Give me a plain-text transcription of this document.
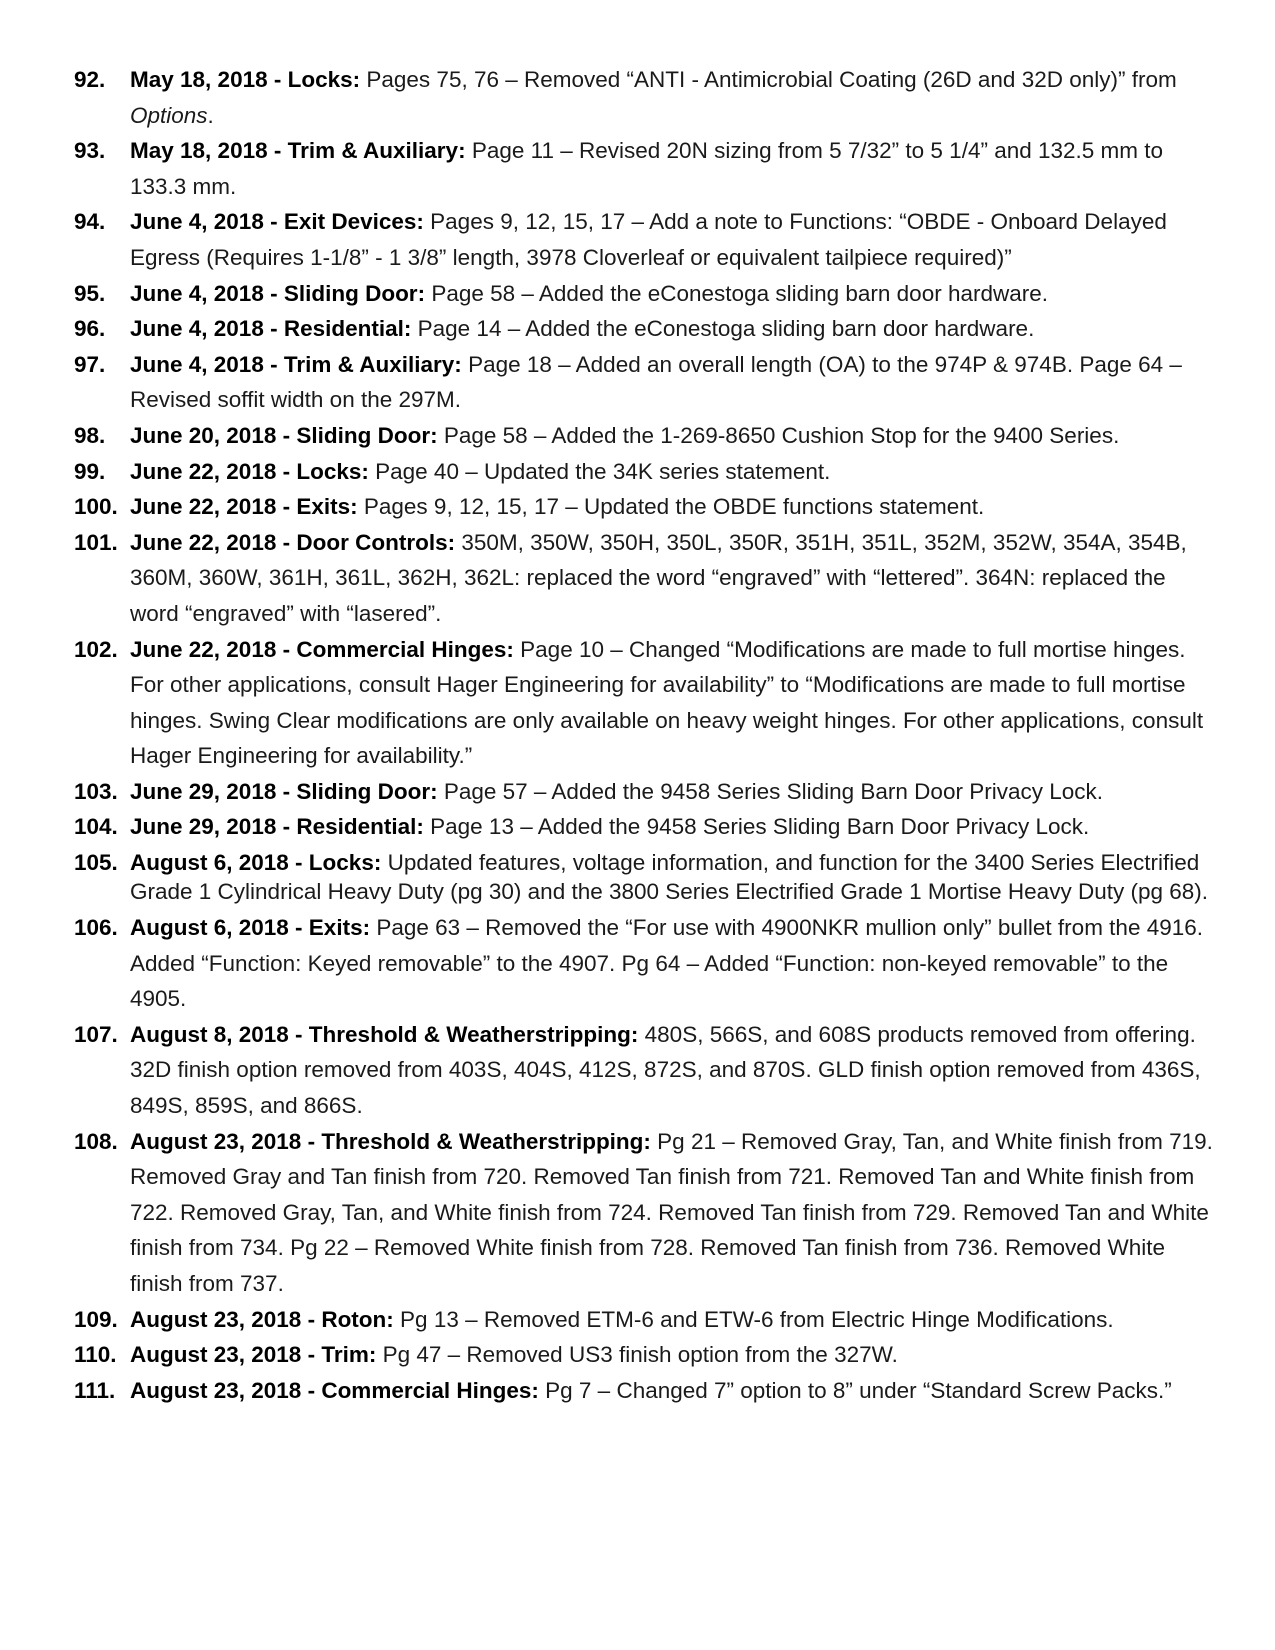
92.	May 18, 2018 - Locks: Pages 75, 76 – Removed “ANTI - Antimicrobial Coating (26D and 32D only)” from Options.
93.	May 18, 2018 - Trim & Auxiliary: Page 11 – Revised 20N sizing from 5 7/32” to 5 1/4” and 132.5 mm to 133.3 mm.
94.	June 4, 2018 - Exit Devices: Pages 9, 12, 15, 17 – Add a note to Functions: “OBDE - Onboard Delayed Egress (Requires 1-1/8” - 1 3/8” length, 3978 Cloverleaf or equivalent tailpiece required)”
95.	June 4, 2018 - Sliding Door: Page 58 – Added the eConestoga sliding barn door hardware.
96.	June 4, 2018 - Residential: Page 14 – Added the eConestoga sliding barn door hardware.
97.	June 4, 2018 - Trim & Auxiliary: Page 18 – Added an overall length (OA) to the 974P & 974B. Page 64 – Revised soffit width on the 297M.
98.	June 20, 2018 - Sliding Door: Page 58 – Added the 1-269-8650 Cushion Stop for the 9400 Series.
99.	June 22, 2018 - Locks: Page 40 – Updated the 34K series statement.
100. June 22, 2018 - Exits: Pages 9, 12, 15, 17 – Updated the OBDE functions statement.
101. June 22, 2018 - Door Controls: 350M, 350W, 350H, 350L, 350R, 351H, 351L, 352M, 352W, 354A, 354B, 360M, 360W, 361H, 361L, 362H, 362L: replaced the word “engraved” with “lettered”. 364N: replaced the word “engraved” with “lasered”.
102. June 22, 2018 - Commercial Hinges: Page 10 – Changed “Modifications are made to full mortise hinges. For other applications, consult Hager Engineering for availability” to “Modifications are made to full mortise hinges. Swing Clear modifications are only available on heavy weight hinges. For other applications, consult Hager Engineering for availability.”
103. June 29, 2018 - Sliding Door: Page 57 – Added the 9458 Series Sliding Barn Door Privacy Lock.
104. June 29, 2018 - Residential: Page 13 – Added the 9458 Series Sliding Barn Door Privacy Lock.
105. August 6, 2018 - Locks: Updated features, voltage information, and function for the 3400 Series Electrified Grade 1 Cylindrical Heavy Duty (pg 30) and the 3800 Series Electrified Grade 1 Mortise Heavy Duty (pg 68).
106. August 6, 2018 - Exits: Page 63 – Removed the “For use with 4900NKR mullion only” bullet from the 4916. Added “Function: Keyed removable” to the 4907. Pg 64 – Added “Function: non-keyed removable” to the 4905.
107. August 8, 2018 - Threshold & Weatherstripping: 480S, 566S, and 608S products removed from offering. 32D finish option removed from 403S, 404S, 412S, 872S, and 870S. GLD finish option removed from 436S, 849S, 859S, and 866S.
108. August 23, 2018 - Threshold & Weatherstripping: Pg 21 – Removed Gray, Tan, and White finish from 719. Removed Gray and Tan finish from 720. Removed Tan finish from 721. Removed Tan and White finish from 722. Removed Gray, Tan, and White finish from 724. Removed Tan finish from 729. Removed Tan and White finish from 734. Pg 22 – Removed White finish from 728. Removed Tan finish from 736. Removed White finish from 737.
109. August 23, 2018 - Roton: Pg 13 – Removed ETM-6 and ETW-6 from Electric Hinge Modifications.
110. August 23, 2018 - Trim: Pg 47 – Removed US3 finish option from the 327W.
111. August 23, 2018 - Commercial Hinges: Pg 7 – Changed 7” option to 8” under “Standard Screw Packs.”
